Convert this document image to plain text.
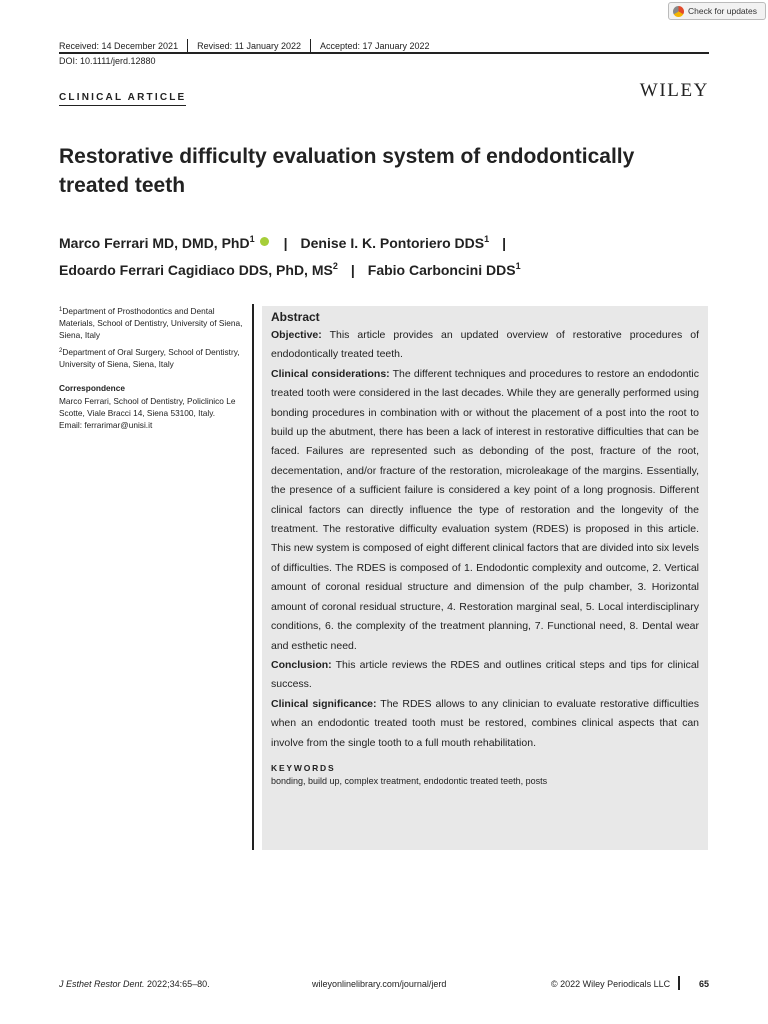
Check for updates
Received: 14 December 2021 Revised: 11 January 2022 Accepted: 17 January 2022
DOI: 10.1111/jerd.12880
CLINICAL ARTICLE	WILEY
Restorative difficulty evaluation system of endodontically treated teeth
Marco Ferrari MD, DMD, PhD$^1$ | Denise I. K. Pontoriero DDS$^1$ |
Edoardo Ferrari Cagidiaco DDS, PhD, $MS^2$ | Fabio Carboncini DDS$^1$

$^1$Department of Prosthodontics and Dental Materials, School of Dentistry, University of Siena, Siena, Italy

$^2$Department of Oral Surgery, School of Dentistry, University of Siena, Siena, Italy

Correspondence

Marco Ferrari, School of Dentistry, Policlinico Le Scotte, Viale Bracci 14, Siena 53100, Italy.
Email: ferrarimar@unisi.it

Abstract

Objective: This article provides an updated overview of restorative procedures of endodontically treated teeth.

Clinical considerations: The different techniques and procedures to restore an endodontic treated tooth were considered in the last decades. While they are generally performed using bonding procedures in combination with or without the placement of a post into the root to build up the abutment, there has been a lack of interest in restorative difficulties that can be faced. Failures are represented such as debonding of the post, fracture of the root, decementation, and/or fracture of the restoration, microleakage of the margins. Essentially, the presence of a sufficient failure is considered a key point of a long prognosis. Different clinical factors can directly influence the type of restoration and the longevity of the treatment. The restorative difficulty evaluation system (RDES) is proposed in this article. This new system is composed of eight different clinical factors that are divided into six levels of difficulties. The RDES is composed of 1. Endodontic complexity and outcome, 2. Vertical amount of coronal residual structure and dimension of the pulp chamber, 3. Horizontal amount of coronal residual structure, 4. Restoration marginal seal, 5. Local interdisciplinary conditions, 6. the complexity of the treatment planning, 7. Functional need, 8. Dental wear and esthetic need.

Conclusion: This article reviews the RDES and outlines critical steps and tips for clinical success.

Clinical significance: The RDES allows to any clinician to evaluate restorative difficulties when an endodontic treated tooth must be restored, combines clinical aspects that can involve from the single tooth to a full mouth rehabilitation.

KEYWORDS
bonding, build up, complex treatment, endodontic treated teeth, posts
J Esthet Restor Dent. 2022;34:65–80.	wileyonlinelibrary.com/journal/jerd	© 2022 Wiley Periodicals LLC	65
